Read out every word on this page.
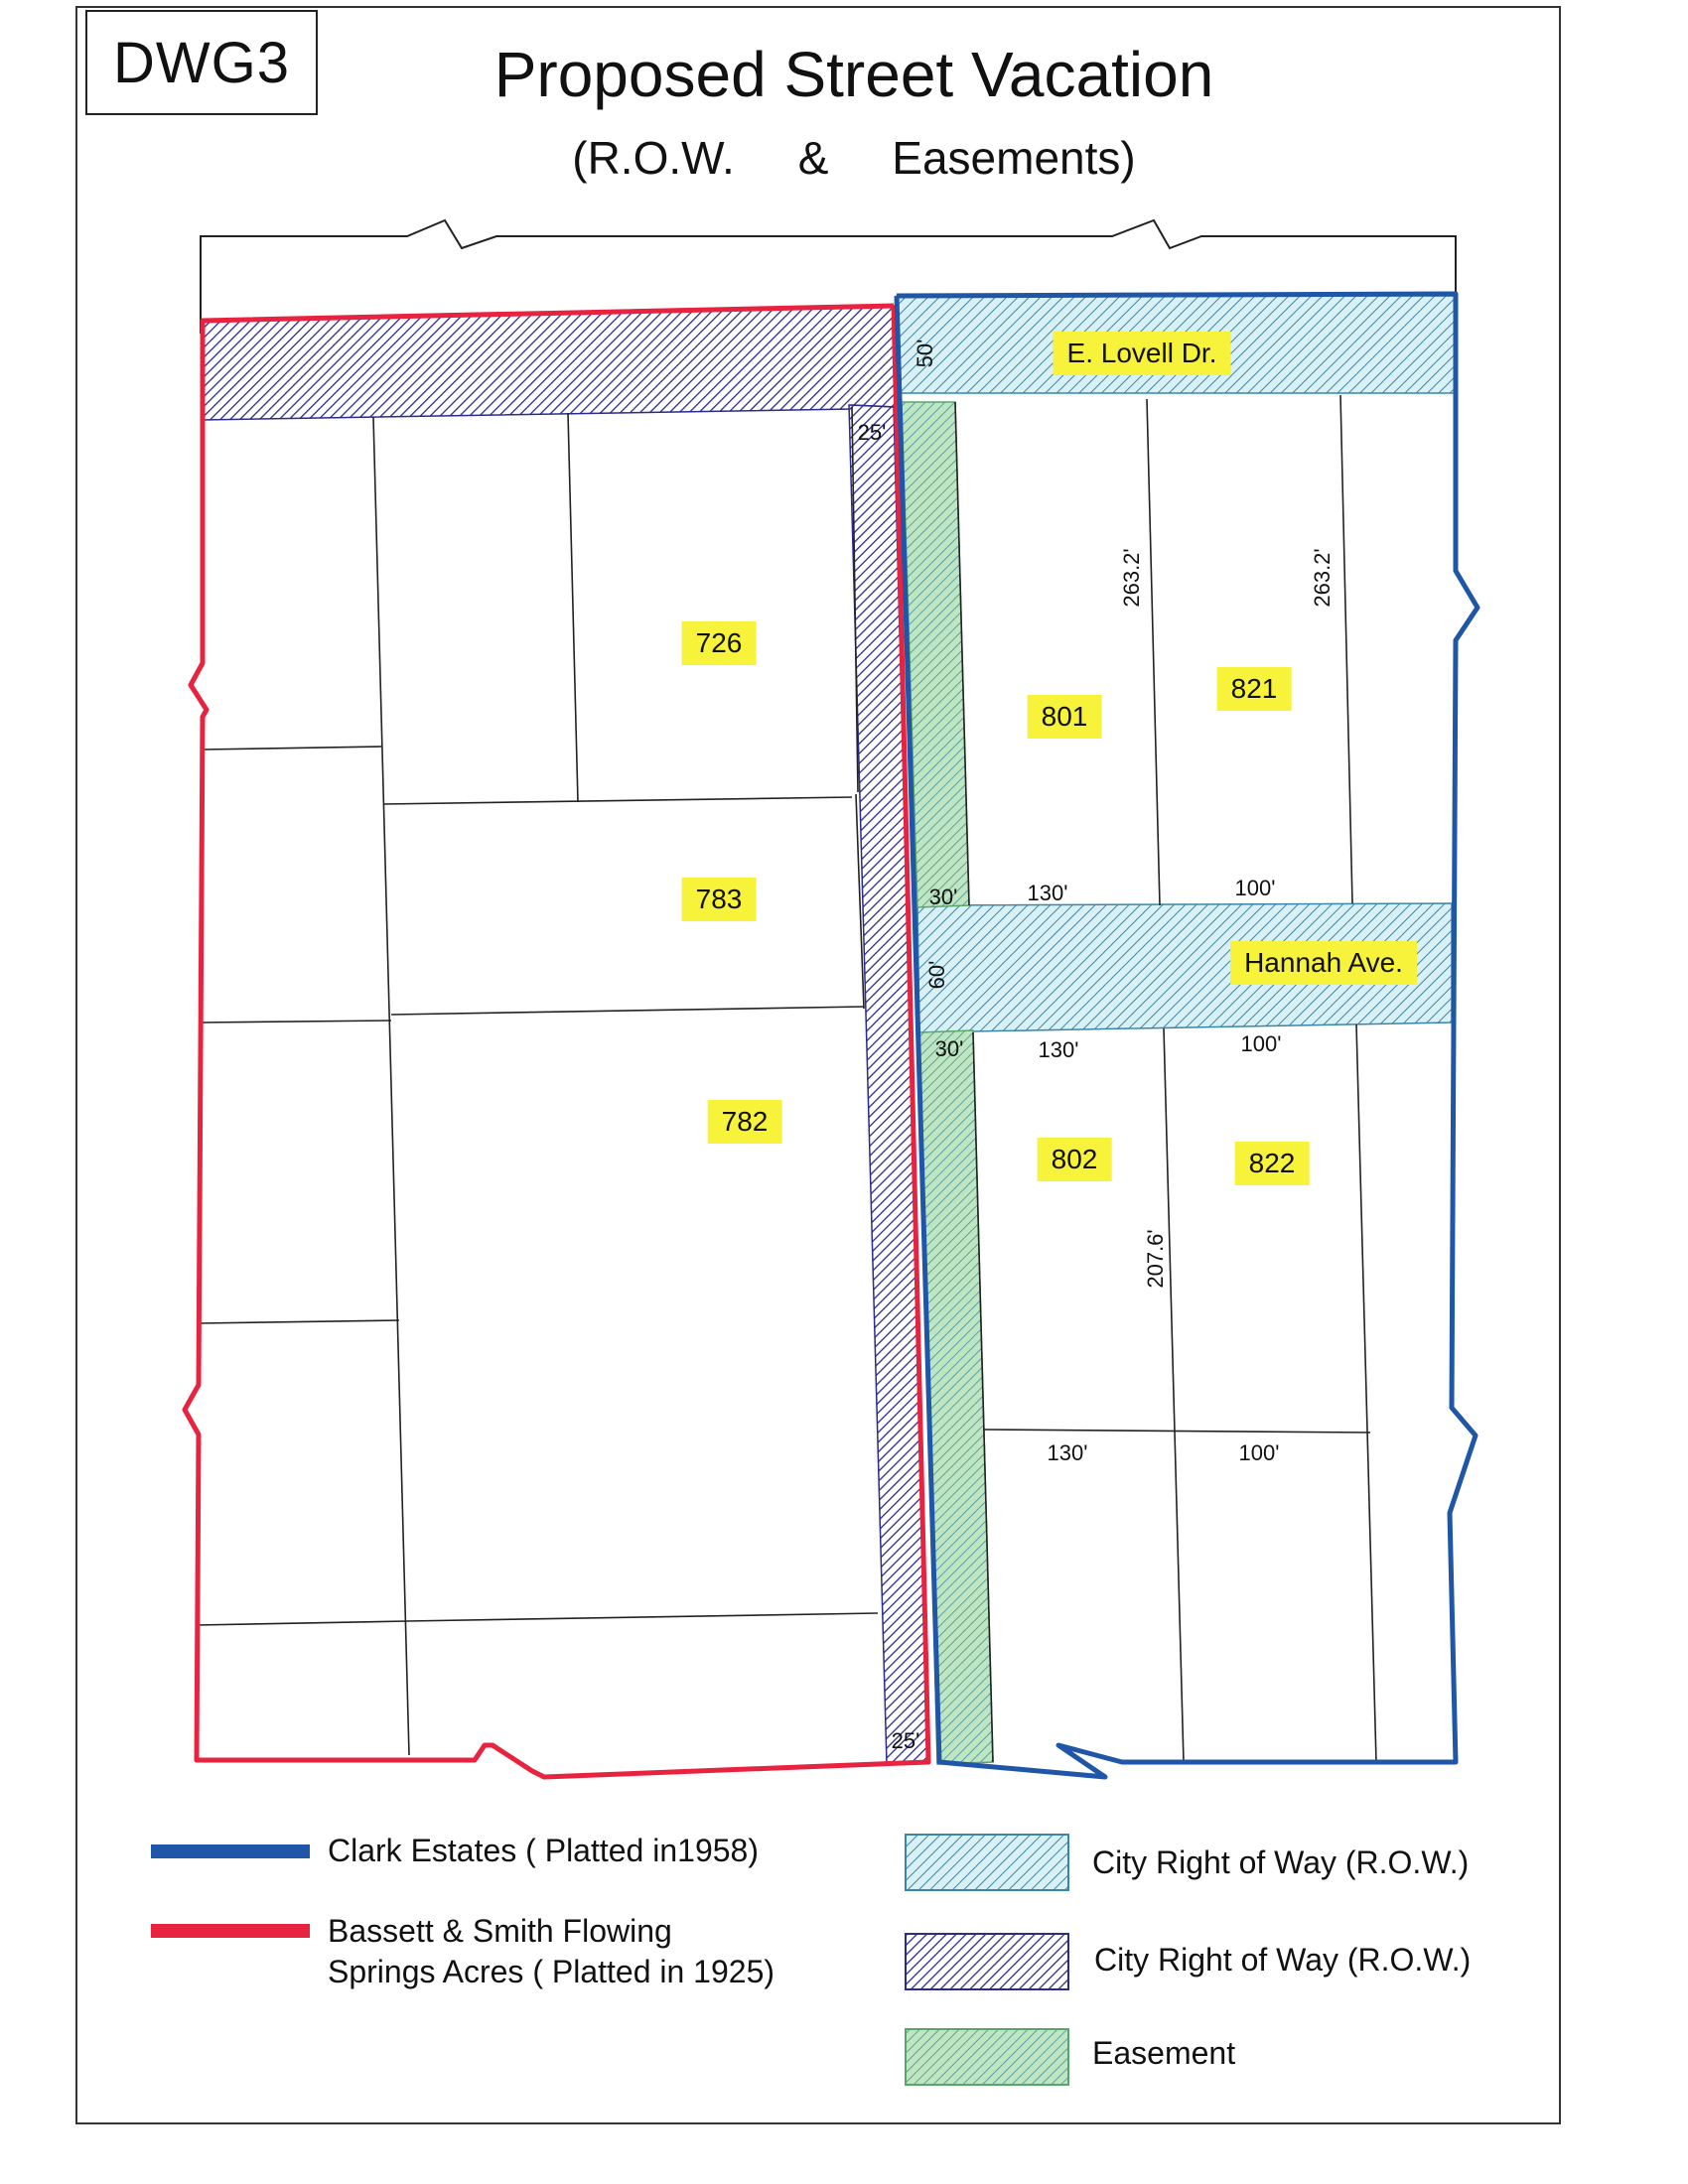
DWG3	Proposed Street Vacation
(R.O.W.     &     Easements)
E. Lovell Dr.
Hannah Ave.
726
783
782
801
821
802	822
50'
60'
25'
25'
30'
30'
263.2'	263.2'
207.6'
130'	100'
130'	100'
130'	100'
Clark Estates ( Platted in1958)
Bassett & Smith Flowing
Springs Acres ( Platted in 1925)
City Right of Way (R.O.W.)
City Right of Way (R.O.W.)
Easement
